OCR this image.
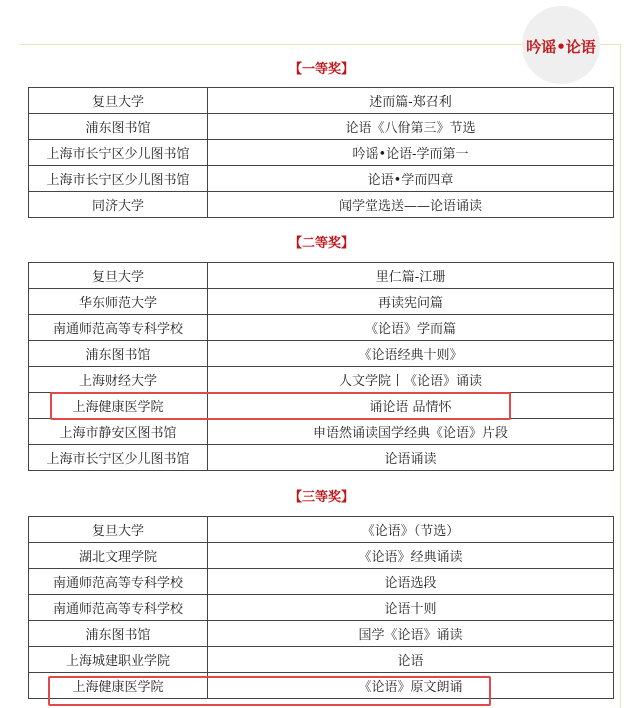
吟谣•论语
【一等奖】
复旦大学	述而篇-郑召利
浦东图书馆	论语《八佾第三》节选
上海市长宁区少儿图书馆	吟谣•论语-学而第一
上海市长宁区少儿图书馆	论语•学而四章
同济大学	闻学堂选送——论语诵读
【二等奖】
复旦大学	里仁篇-江珊
华东师范大学	再读宪问篇
南通师范高等专科学校	《论语》学而篇
浦东图书馆	《论语经典十则》
上海财经大学	人文学院丨《论语》诵读
上海健康医学院	诵论语 品情怀
上海市静安区图书馆	申语然诵读国学经典《论语》片段
上海市长宁区少儿图书馆	论语诵读
【三等奖】
复旦大学	《论语》（节选）
湖北文理学院	《论语》经典诵读
南通师范高等专科学校	论语选段
南通师范高等专科学校	论语十则
浦东图书馆	国学《论语》诵读
上海城建职业学院	论语
上海健康医学院	《论语》原文朗诵
